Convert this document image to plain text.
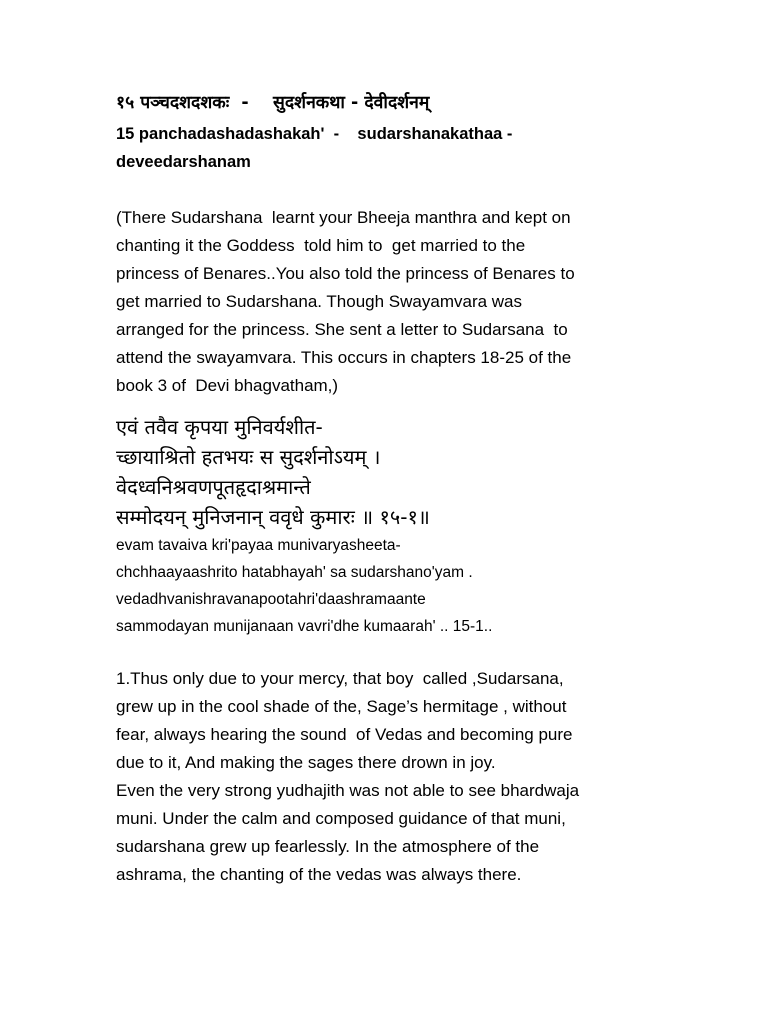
१५ पञ्चदशदशकः  -    सुदर्शनकथा - देवीदर्शनम्
15 panchadashadashakah'  -    sudarshanakathaa -
deveedarshanam
(There Sudarshana  learnt your Bheeja manthra and kept on
chanting it the Goddess  told him to  get married to the
princess of Benares..You also told the princess of Benares to
get married to Sudarshana. Though Swayamvara was
arranged for the princess. She sent a letter to Sudarsana  to
attend the swayamvara. This occurs in chapters 18-25 of the
book 3 of  Devi bhagvatham,)
एवं तवैव कृपया मुनिवर्यशीत-
च्छायाश्रितो हतभयः स सुदर्शनोऽयम् ।
वेदध्वनिश्रवणपूतहृदाश्रमान्ते
सम्मोदयन् मुनिजनान् ववृधे कुमारः ॥ १५-१॥
evam tavaiva kri'payaa munivaryasheeta-
chchhaayaashrito hatabhayah' sa sudarshano'yam .
vedadhvanishravanapootahri'daashramaante
sammodayan munijanaan vavri'dhe kumaarah' .. 15-1..
1.Thus only due to your mercy, that boy  called ,Sudarsana,
grew up in the cool shade of the, Sage’s hermitage , without
fear, always hearing the sound  of Vedas and becoming pure
due to it, And making the sages there drown in joy.
Even the very strong yudhajith was not able to see bhardwaja
muni. Under the calm and composed guidance of that muni,
sudarshana grew up fearlessly. In the atmosphere of the
ashrama, the chanting of the vedas was always there.
